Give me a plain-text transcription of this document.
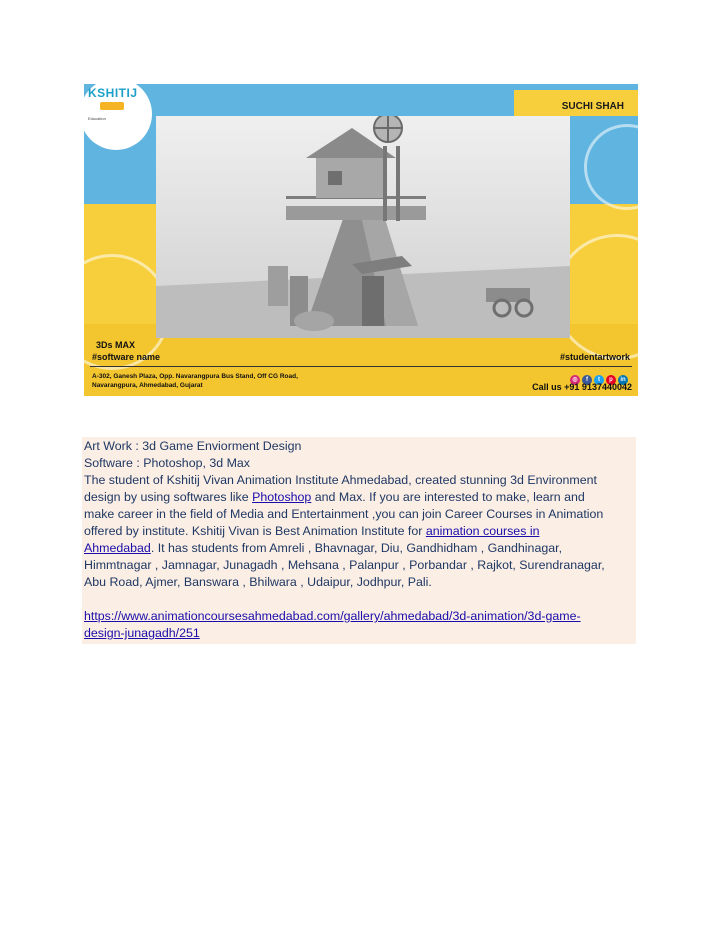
KSHITIJ
Education
SUCHI SHAH
3Ds MAX
#software name	#studentartwork
A-302, Ganesh Plaza, Opp. Navarangpura Bus Stand, Off CG Road,
Navarangpura, Ahmedabad, Gujarat
◎ f t p in
Call us +91 9137440042
Art Work : 3d Game Enviorment Design
Software : Photoshop, 3d Max
The student of Kshitij Vivan Animation Institute Ahmedabad, created stunning 3d Environment
design by using softwares like Photoshop and Max. If you are interested to make, learn and
make career in the field of Media and Entertainment ,you can join Career Courses in Animation
offered by institute. Kshitij Vivan is Best Animation Institute for animation courses in
Ahmedabad. It has students from Amreli , Bhavnagar, Diu, Gandhidham , Gandhinagar,
Himmtnagar , Jamnagar, Junagadh , Mehsana , Palanpur , Porbandar , Rajkot, Surendranagar,
Abu Road, Ajmer, Banswara , Bhilwara , Udaipur, Jodhpur, Pali.
https://www.animationcoursesahmedabad.com/gallery/ahmedabad/3d-animation/3d-game-
design-junagadh/251
